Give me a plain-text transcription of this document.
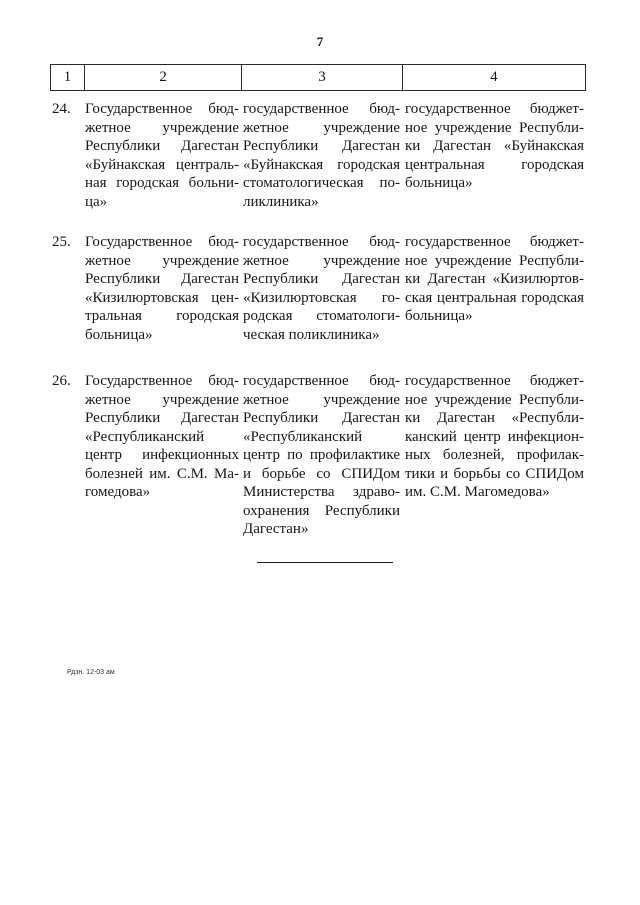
7
1	2	3	4
24. Государственное бюджетное учреждение Республики Дагестан «Буйнакская центральная городская больница»
государственное бюджетное учреждение Республики Дагестан «Буйнакская городская стоматологическая поликлиника»
государственное бюджетное учреждение Республики Дагестан «Буйнакская центральная городская больница»
25. Государственное бюджетное учреждение Республики Дагестан «Кизилюртовская центральная городская больница»
государственное бюджетное учреждение Республики Дагестан «Кизилюртовская городская стоматологическая поликлиника»
государственное бюджетное учреждение Республики Дагестан «Кизилюртовская центральная городская больница»
26. Государственное бюджетное учреждение Республики Дагестан «Республиканский центр инфекционных болезней им. С.М. Магомедова»
государственное бюджетное учреждение Республики Дагестан «Республиканский центр по профилактике и борьбе со СПИДом Министерства здравоохранения Республики Дагестан»
государственное бюджетное учреждение Республики Дагестан «Республиканский центр инфекционных болезней, профилактики и борьбы со СПИДом им. С.М. Магомедова»
Рдзн. 12-03 ам
